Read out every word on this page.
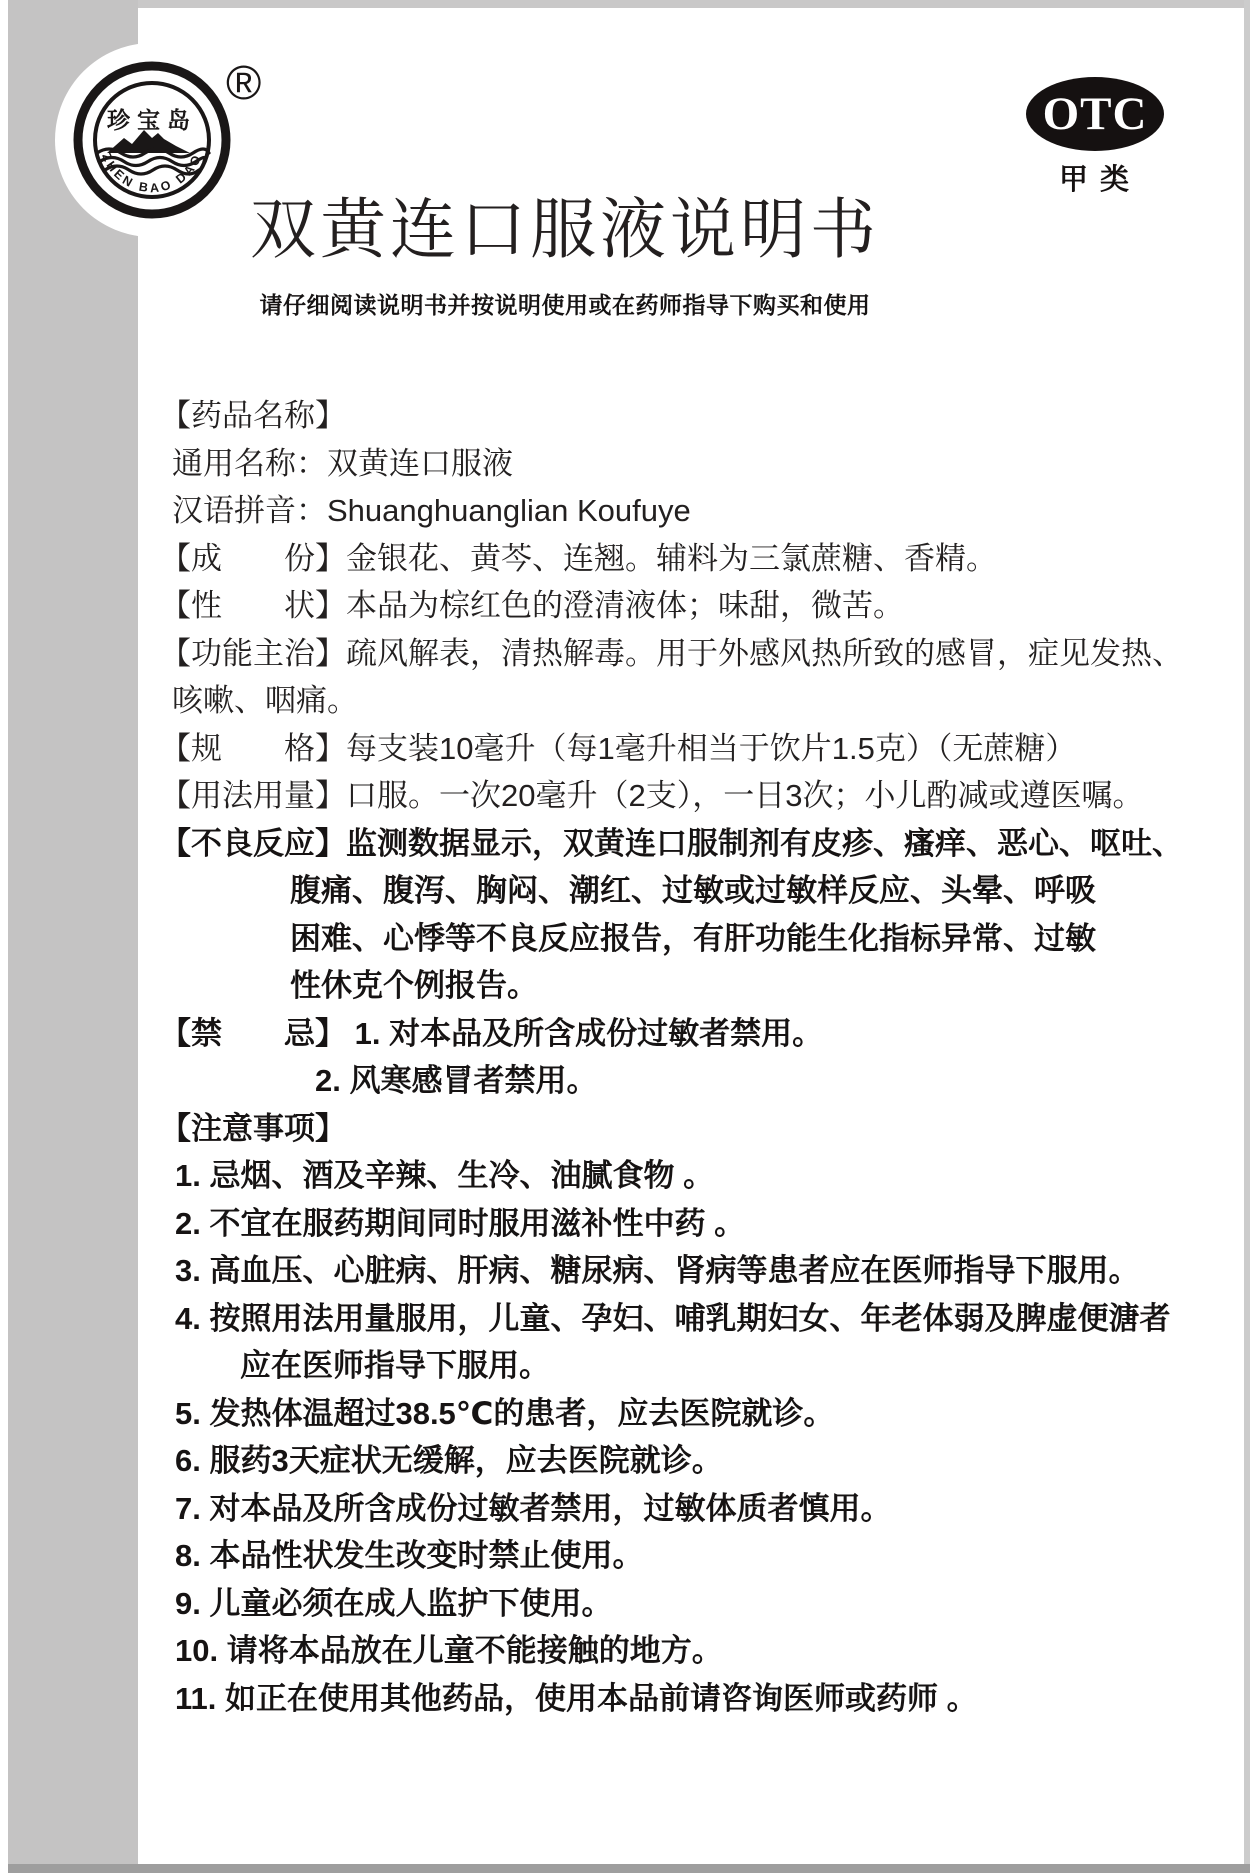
珍宝岛
ZHEN BAO DAO
®
OTC
甲 类
双黄连口服液说明书
请仔细阅读说明书并按说明使用或在药师指导下购买和使用
【药品名称】
通用名称：双黄连口服液
汉语拼音：Shuanghuanglian Koufuye
【成　　份】金银花、黄芩、连翘。辅料为三氯蔗糖、香精。
【性　　状】本品为棕红色的澄清液体；味甜，微苦。
【功能主治】疏风解表，清热解毒。用于外感风热所致的感冒，症见发热、
咳嗽、咽痛。
【规　　格】每支装10毫升（每1毫升相当于饮片1.5克）（无蔗糖）
【用法用量】口服。一次20毫升（2支），一日3次；小儿酌减或遵医嘱。
【不良反应】监测数据显示，双黄连口服制剂有皮疹、瘙痒、恶心、呕吐、
腹痛、腹泻、胸闷、潮红、过敏或过敏样反应、头晕、呼吸
困难、心悸等不良反应报告，有肝功能生化指标异常、过敏
性休克个例报告。
【禁　　忌】 1. 对本品及所含成份过敏者禁用。
2. 风寒感冒者禁用。
【注意事项】
1. 忌烟、酒及辛辣、生冷、油腻食物 。
2. 不宜在服药期间同时服用滋补性中药 。
3. 高血压、心脏病、肝病、糖尿病、肾病等患者应在医师指导下服用。
4. 按照用法用量服用，儿童、孕妇、哺乳期妇女、年老体弱及脾虚便溏者
应在医师指导下服用。
5. 发热体温超过38.5℃的患者，应去医院就诊。
6. 服药3天症状无缓解，应去医院就诊。
7. 对本品及所含成份过敏者禁用，过敏体质者慎用。
8. 本品性状发生改变时禁止使用。
9. 儿童必须在成人监护下使用。
10. 请将本品放在儿童不能接触的地方。
11. 如正在使用其他药品，使用本品前请咨询医师或药师 。
